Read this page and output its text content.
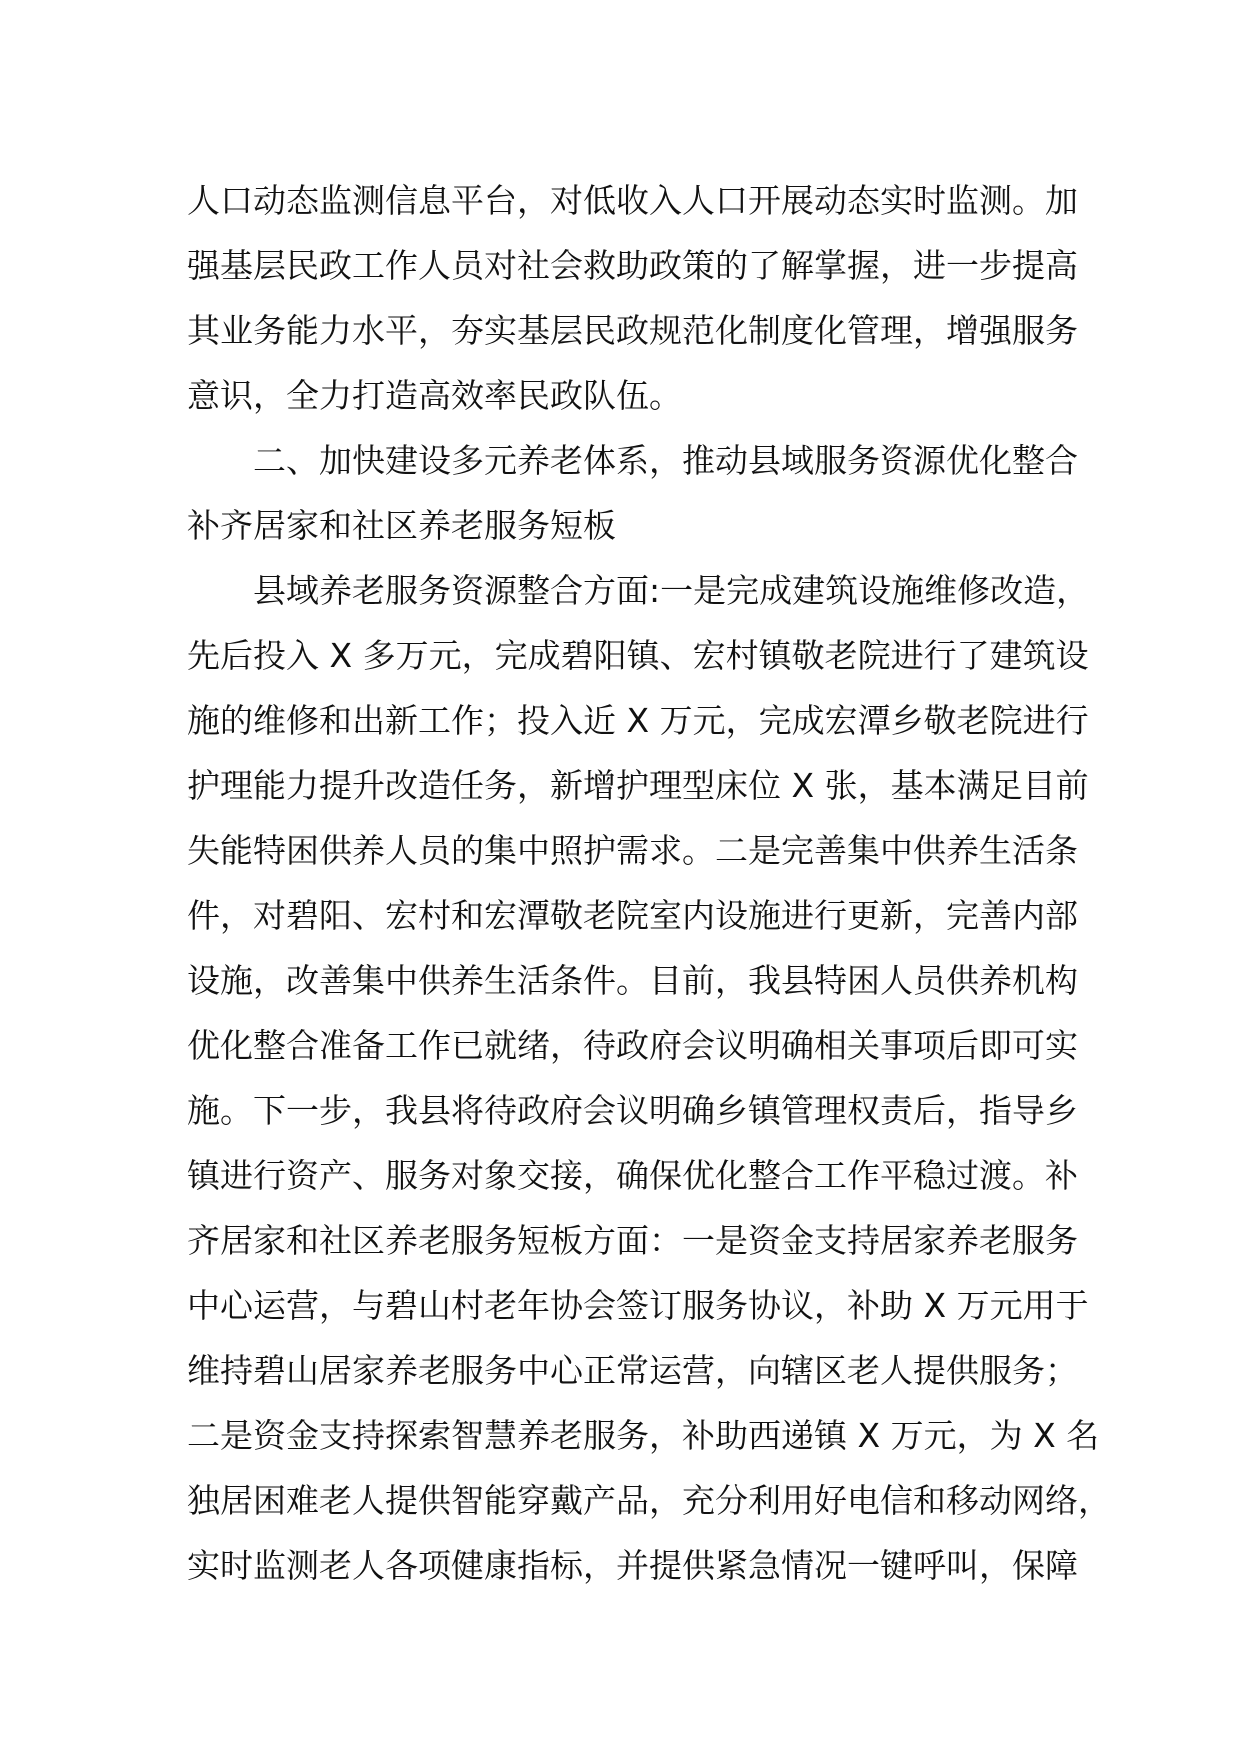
人口动态监测信息平台，对低收入人口开展动态实时监测。加
强基层民政工作人员对社会救助政策的了解掌握，进一步提高
其业务能力水平，夯实基层民政规范化制度化管理，增强服务
意识，全力打造高效率民政队伍。
二、加快建设多元养老体系，推动县域服务资源优化整合
补齐居家和社区养老服务短板
县域养老服务资源整合方面:一是完成建筑设施维修改造，
先后投入 X 多万元，完成碧阳镇、宏村镇敬老院进行了建筑设
施的维修和出新工作；投入近 X 万元，完成宏潭乡敬老院进行
护理能力提升改造任务，新增护理型床位 X 张，基本满足目前
失能特困供养人员的集中照护需求。二是完善集中供养生活条
件，对碧阳、宏村和宏潭敬老院室内设施进行更新，完善内部
设施，改善集中供养生活条件。目前，我县特困人员供养机构
优化整合准备工作已就绪，待政府会议明确相关事项后即可实
施。下一步，我县将待政府会议明确乡镇管理权责后，指导乡
镇进行资产、服务对象交接，确保优化整合工作平稳过渡。补
齐居家和社区养老服务短板方面：一是资金支持居家养老服务
中心运营，与碧山村老年协会签订服务协议，补助 X 万元用于
维持碧山居家养老服务中心正常运营，向辖区老人提供服务；
二是资金支持探索智慧养老服务，补助西递镇 X 万元，为 X 名
独居困难老人提供智能穿戴产品，充分利用好电信和移动网络，
实时监测老人各项健康指标，并提供紧急情况一键呼叫，保障
